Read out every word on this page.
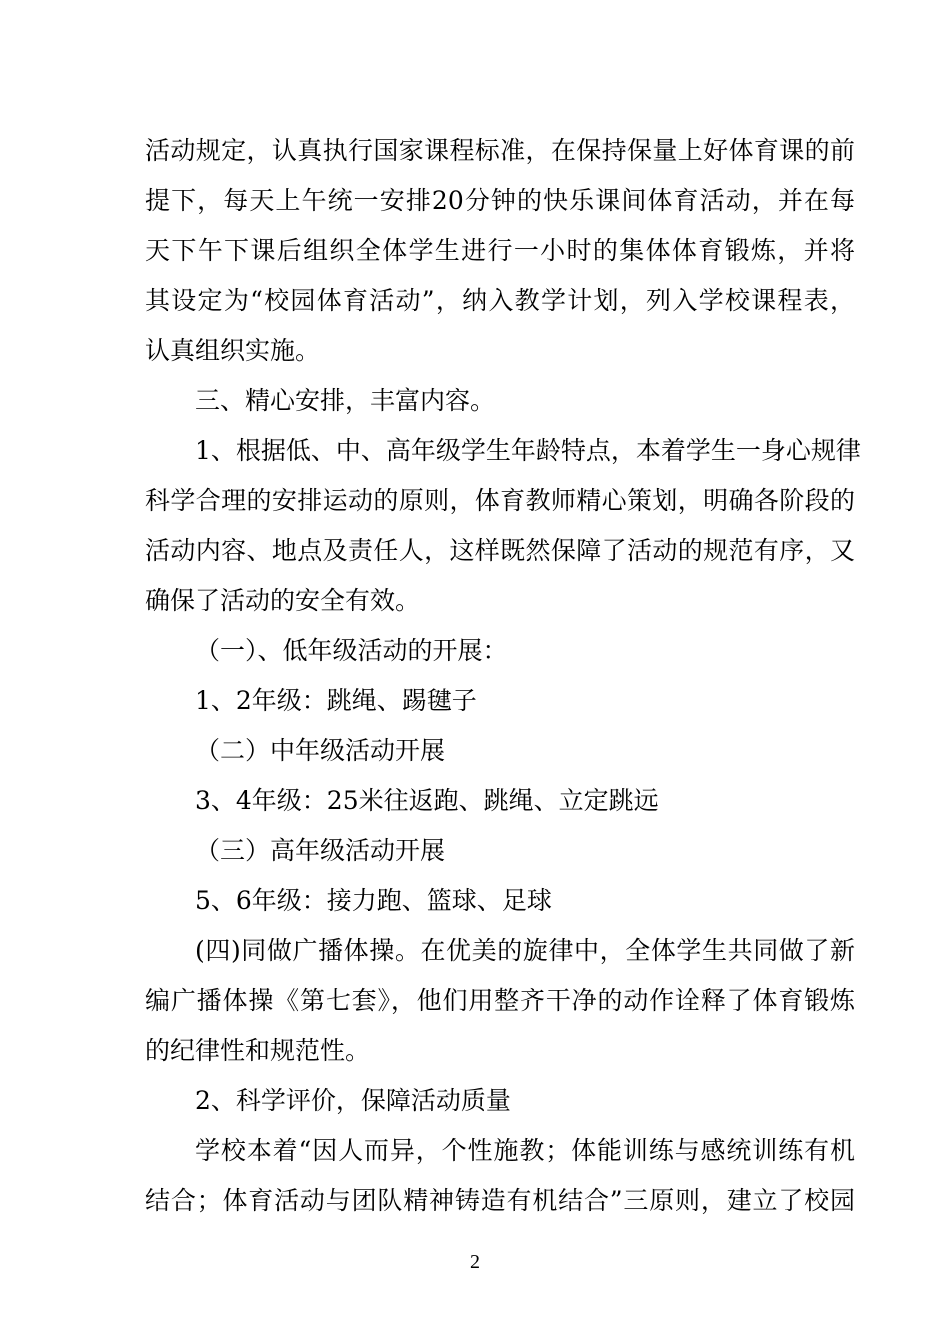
活动规定，认真执行国家课程标准，在保持保量上好体育课的前
提下，每天上午统一安排20分钟的快乐课间体育活动，并在每
天下午下课后组织全体学生进行一小时的集体体育锻炼，并将
其设定为“校园体育活动”，纳入教学计划，列入学校课程表，
认真组织实施。
三、精心安排，丰富内容。
1、根据低、中、高年级学生年龄特点，本着学生一身心规律
科学合理的安排运动的原则，体育教师精心策划，明确各阶段的
活动内容、地点及责任人，这样既然保障了活动的规范有序，又
确保了活动的安全有效。
（一）、低年级活动的开展：
1、2年级：跳绳、踢毽子
（二）中年级活动开展
3、4年级：25米往返跑、跳绳、立定跳远
（三）高年级活动开展
5、6年级：接力跑、篮球、足球
(四)同做广播体操。在优美的旋律中，全体学生共同做了新
编广播体操《第七套》，他们用整齐干净的动作诠释了体育锻炼
的纪律性和规范性。
2、科学评价，保障活动质量
学校本着“因人而异，个性施教；体能训练与感统训练有机
结合；体育活动与团队精神铸造有机结合”三原则，建立了校园
2
